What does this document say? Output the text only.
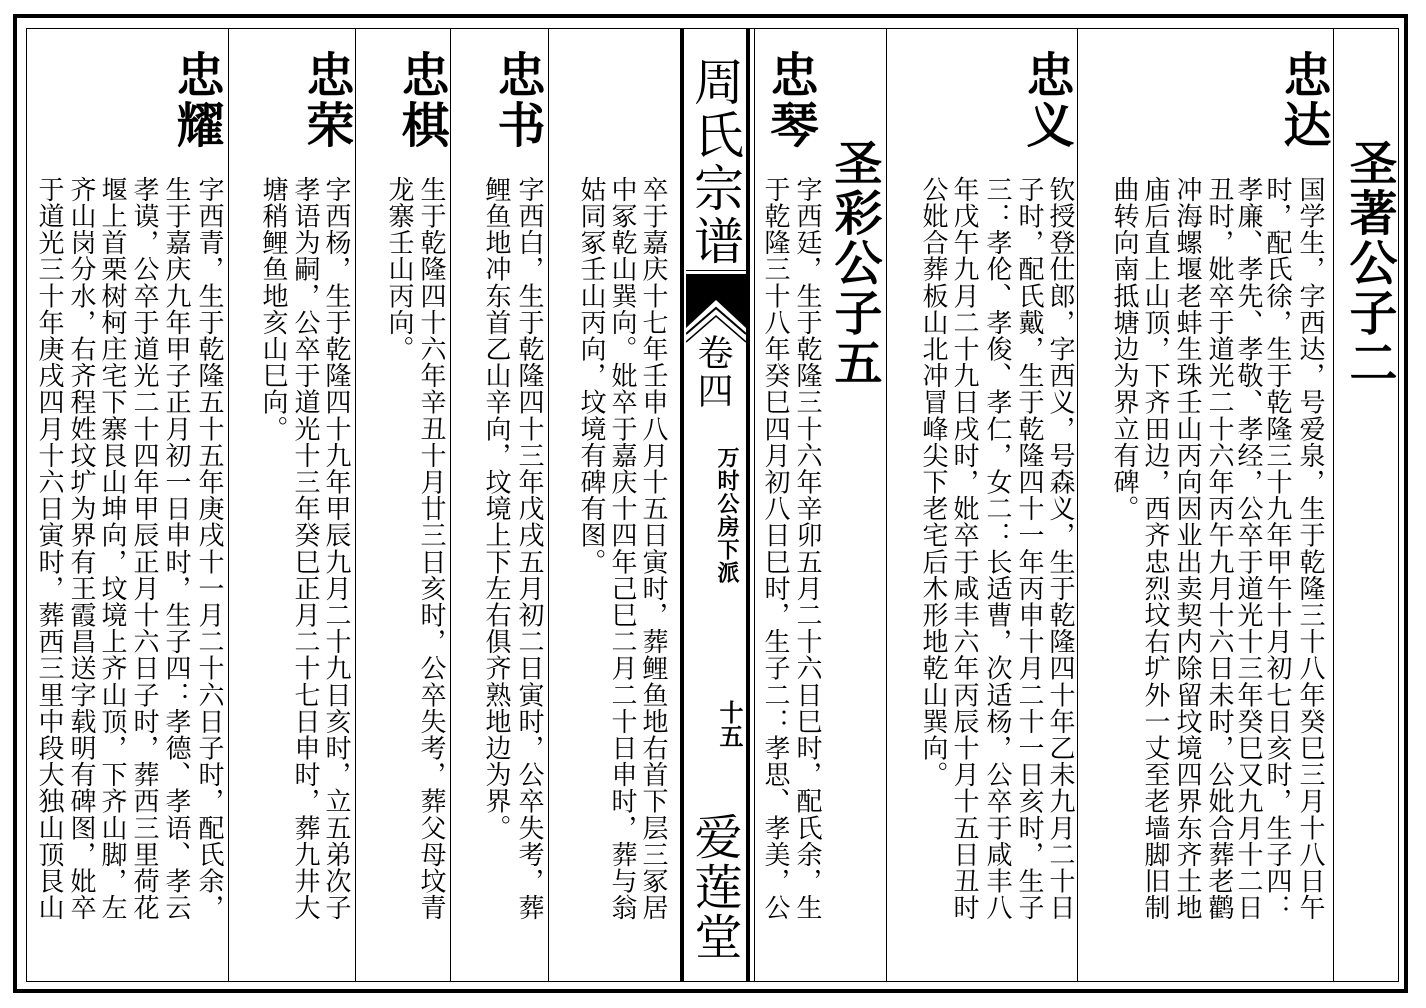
圣著公子二
忠达
国学生，字西达，号爱泉，生于乾隆三十八年癸巳三月十八日午
时，配氏徐，生于乾隆三十九年甲午十月初七日亥时，生子四：
孝廉、孝先、孝敬、孝经，公卒于道光十三年癸巳又九月十二日
丑时，妣卒于道光二十六年丙午九月十六日未时，公妣合葬老鹳
冲海螺堰老蚌生珠壬山丙向因业出卖契内除留坟境四界东齐土地
庙后直上山顶，下齐田边，西齐忠烈坟右圹外一丈至老墙脚旧制
曲转向南抵塘边为界立有碑。
忠义
钦授登仕郎，字西义，号森义，生于乾隆四十年乙未九月二十日
子时，配氏戴，生于乾隆四十一年丙申十月二十一日亥时，生子
三：孝伦、孝俊、孝仁，女二：长适曹，次适杨，公卒于咸丰八
年戊午九月二十九日戌时，妣卒于咸丰六年丙辰十月十五日丑时
公妣合葬板山北冲冒峰尖下老宅后木形地乾山巽向。
圣彩公子五
忠琴
字西廷，生于乾隆三十六年辛卯五月二十六日巳时，配氏余，生
于乾隆三十八年癸巳四月初八日巳时，生子二：孝思、孝美，公
周氏宗谱
卷四
万时公房下派
十五
爱莲堂
卒于嘉庆十七年壬申八月十五日寅时，葬鲤鱼地右首下层三冢居
中冢乾山巽向。妣卒于嘉庆十四年己巳二月二十日申时，葬与翁
姑同冢壬山丙向，坟境有碑有图。
忠书
字西白，生于乾隆四十三年戊戌五月初二日寅时，公卒失考，葬
鲤鱼地冲东首乙山辛向，坟境上下左右俱齐熟地边为界。
忠棋
生于乾隆四十六年辛丑十月廿三日亥时，公卒失考，葬父母坟青
龙寨壬山丙向。
忠荣
字西杨，生于乾隆四十九年甲辰九月二十九日亥时，立五弟次子
孝语为嗣，公卒于道光十三年癸巳正月二十七日申时，葬九井大
塘稍鲤鱼地亥山巳向。
忠耀
字西青，生于乾隆五十五年庚戌十一月二十六日子时，配氏余，
生于嘉庆九年甲子正月初一日申时，生子四：孝德、孝语、孝云
孝谟，公卒于道光二十四年甲辰正月十六日子时，葬西三里荷花
堰上首栗树柯庄宅下寨艮山坤向，坟境上齐山顶，下齐山脚，左
齐山岗分水，右齐程姓坟圹为界有王霞昌送字载明有碑图，妣卒
于道光三十年庚戌四月十六日寅时，葬西三里中段大独山顶艮山
